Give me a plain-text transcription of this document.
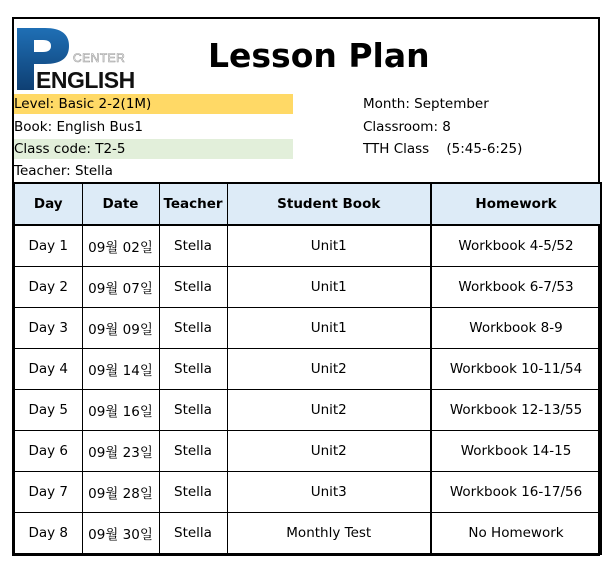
CENTER
ENGLISH
Lesson Plan
Level: Basic 2-2(1M)
Book: English Bus1
Class code: T2-5
Teacher: Stella
Month: September
Classroom: 8
TTH Class    (5:45-6:25)
Day	Date	Teacher	Student Book	Homework
Day 1	09월 02일	Stella	Unit1	Workbook 4-5/52
Day 2	09월 07일	Stella	Unit1	Workbook 6-7/53
Day 3	09월 09일	Stella	Unit1	Workbook 8-9
Day 4	09월 14일	Stella	Unit2	Workbook 10-11/54
Day 5	09월 16일	Stella	Unit2	Workbook 12-13/55
Day 6	09월 23일	Stella	Unit2	Workbook 14-15
Day 7	09월 28일	Stella	Unit3	Workbook 16-17/56
Day 8	09월 30일	Stella	Monthly Test	No Homework
